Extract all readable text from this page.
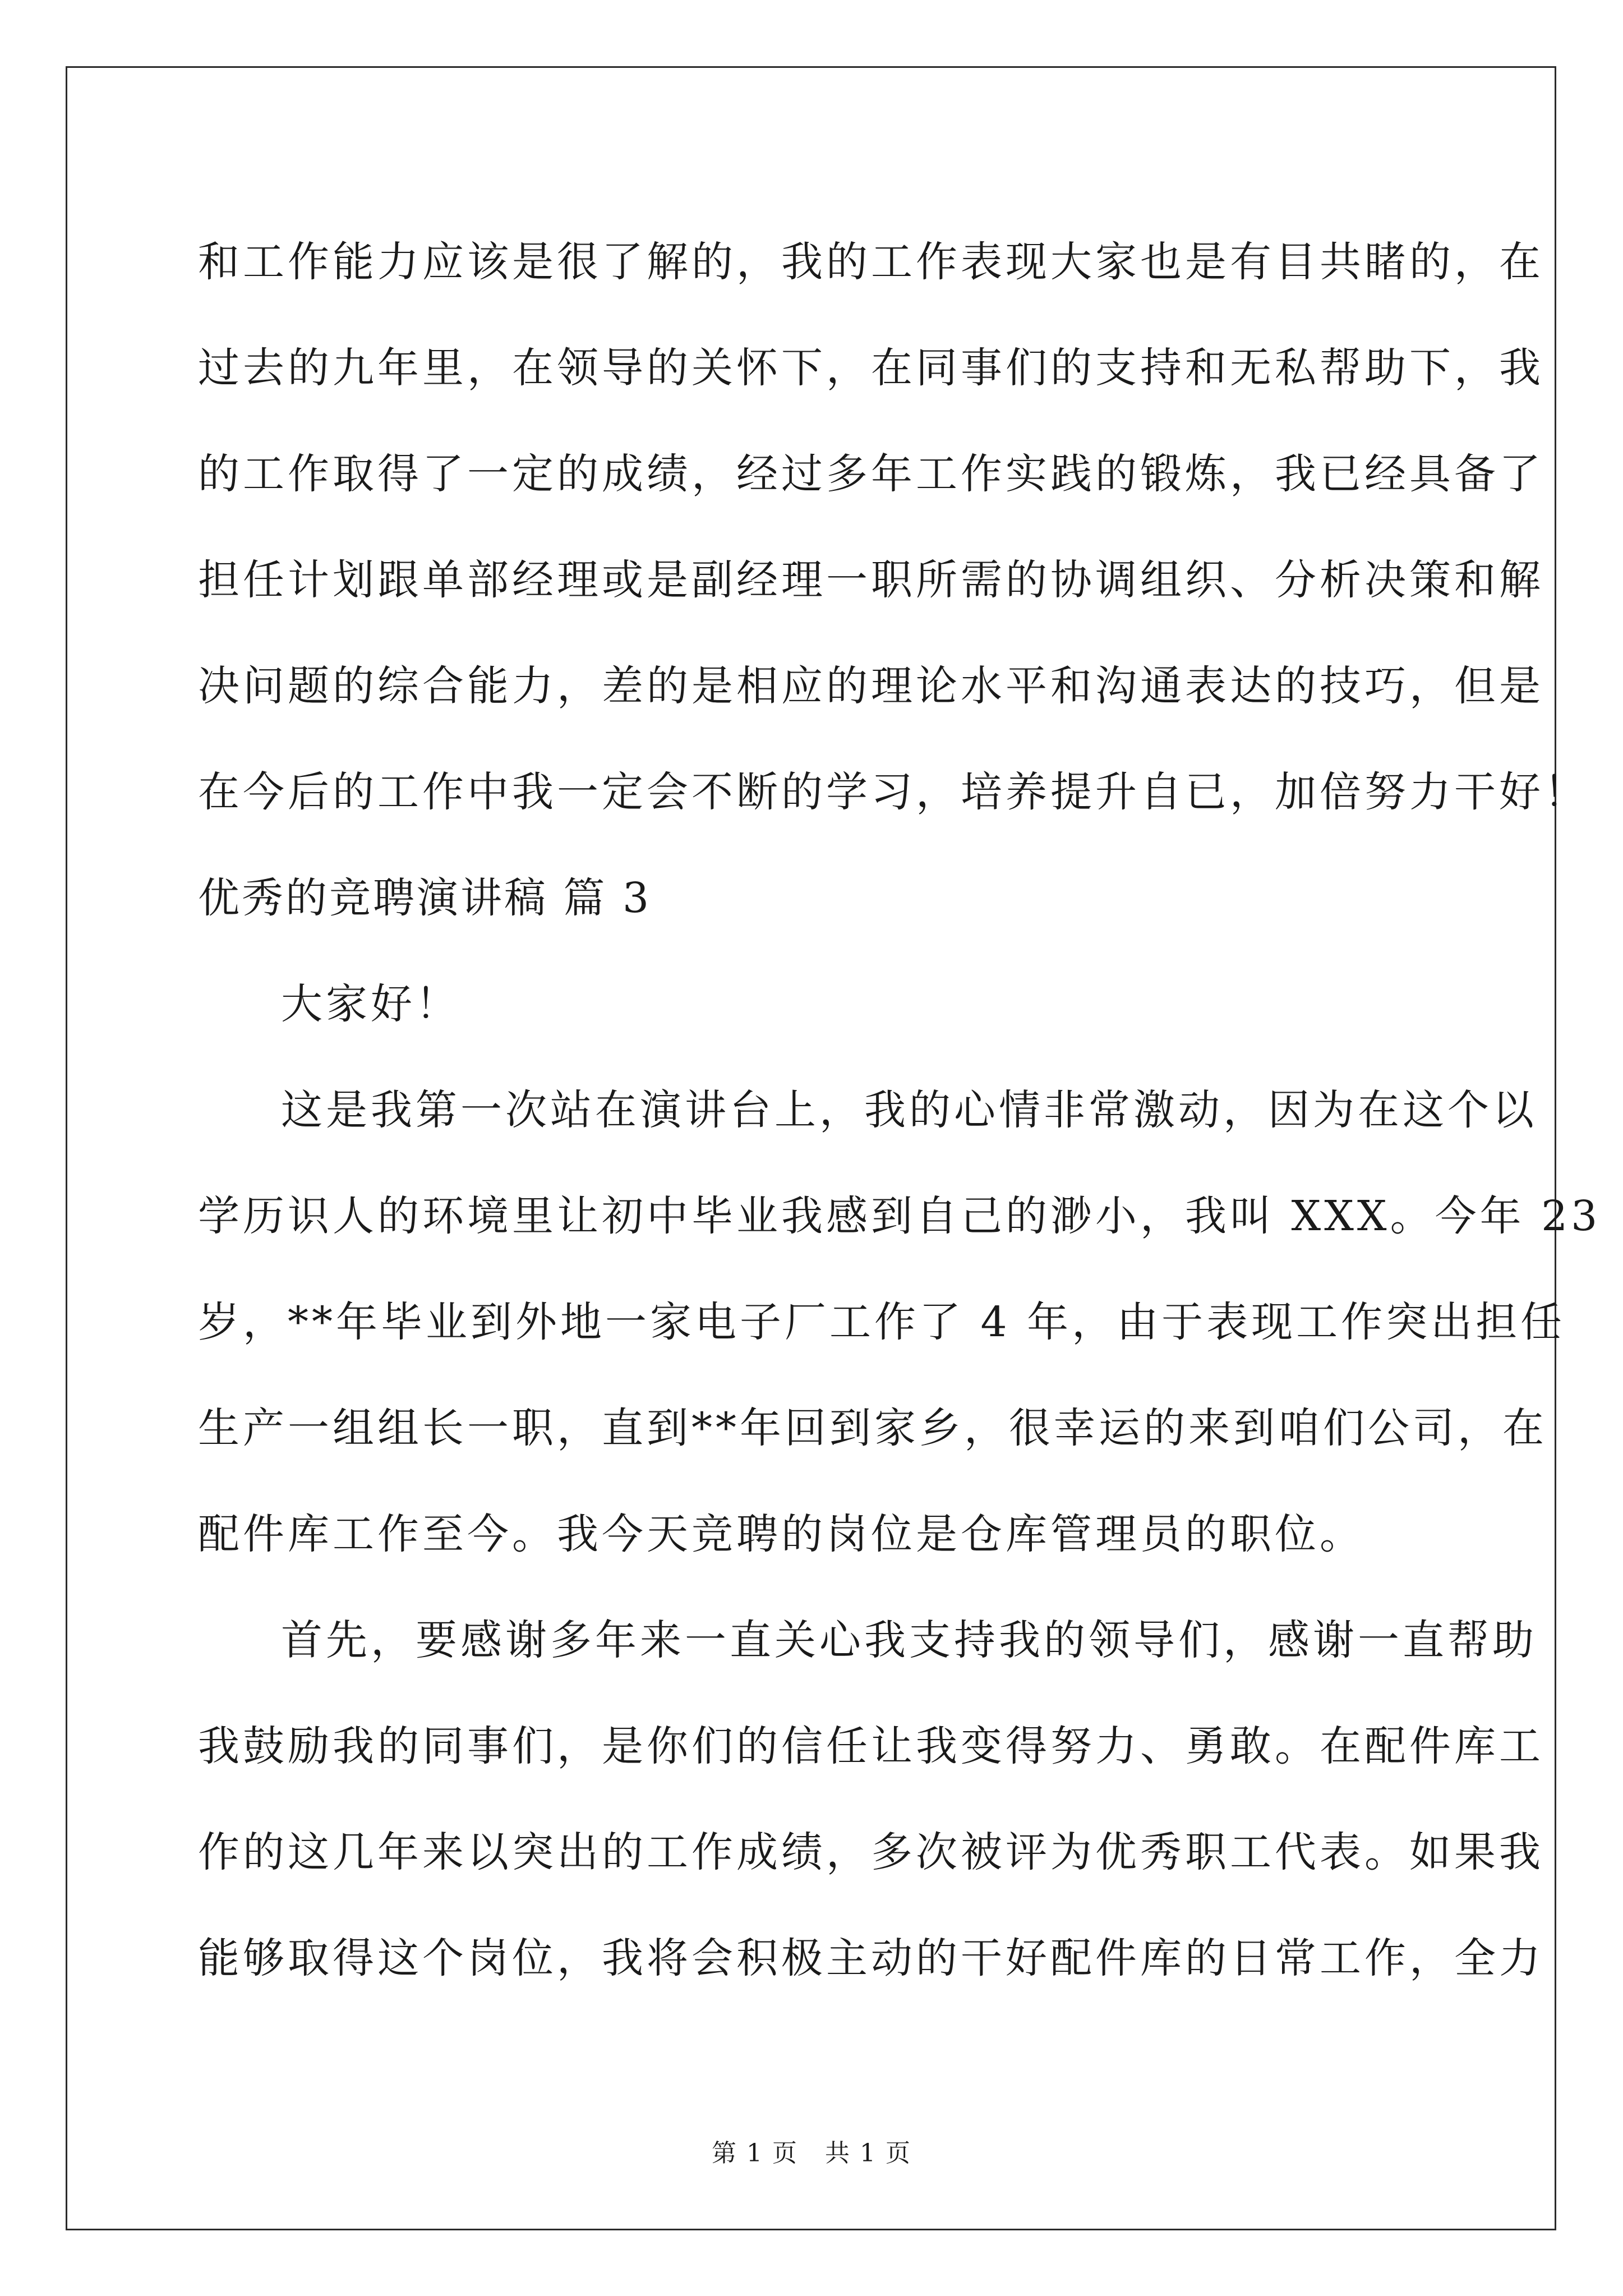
和工作能力应该是很了解的，我的工作表现大家也是有目共睹的，在
过去的九年里，在领导的关怀下，在同事们的支持和无私帮助下，我
的工作取得了一定的成绩，经过多年工作实践的锻炼，我已经具备了
担任计划跟单部经理或是副经理一职所需的协调组织、分析决策和解
决问题的综合能力，差的是相应的理论水平和沟通表达的技巧，但是
在今后的工作中我一定会不断的学习，培养提升自已，加倍努力干好！
优秀的竞聘演讲稿 篇 3
大家好！
这是我第一次站在演讲台上，我的心情非常激动，因为在这个以
学历识人的环境里让初中毕业我感到自己的渺小，我叫 XXX。今年 23
岁，**年毕业到外地一家电子厂工作了 4 年，由于表现工作突出担任
生产一组组长一职，直到**年回到家乡，很幸运的来到咱们公司，在
配件库工作至今。我今天竞聘的岗位是仓库管理员的职位。
首先，要感谢多年来一直关心我支持我的领导们，感谢一直帮助
我鼓励我的同事们，是你们的信任让我变得努力、勇敢。在配件库工
作的这几年来以突出的工作成绩，多次被评为优秀职工代表。如果我
能够取得这个岗位，我将会积极主动的干好配件库的日常工作，全力
第 1 页 共 1 页
